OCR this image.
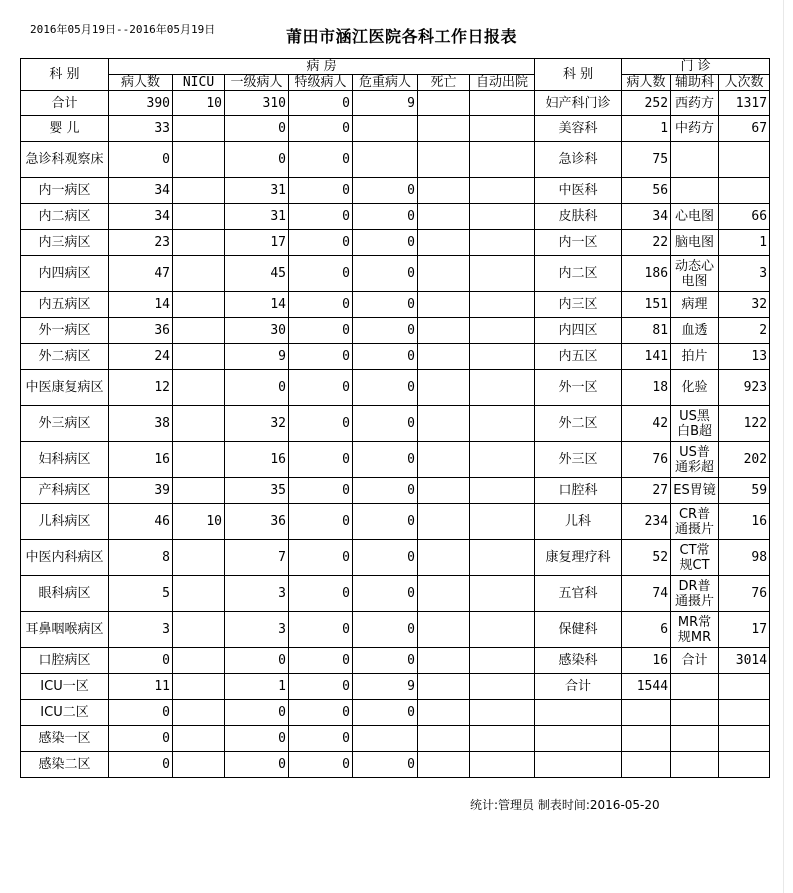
2016年05月19日--2016年05月19日	莆田市涵江医院各科工作日报表
科 别	病 房							科 别	门 诊		
	病人数	NICU	一级病人	特级病人	危重病人	死亡	自动出院		病人数	辅助科	人次数
合计	390	10	310	0	9			妇产科门诊	252	西药方	1317
婴 儿	33		0	0				美容科	1	中药方	67
急诊科观察床	0		0	0				急诊科	75		
内一病区	34		31	0	0			中医科	56		
内二病区	34		31	0	0			皮肤科	34	心电图	66
内三病区	23		17	0	0			内一区	22	脑电图	1
内四病区	47		45	0	0			内二区	186	动态心电图	3
内五病区	14		14	0	0			内三区	151	病理	32
外一病区	36		30	0	0			内四区	81	血透	2
外二病区	24		9	0	0			内五区	141	拍片	13
中医康复病区	12		0	0	0			外一区	18	化验	923
外三病区	38		32	0	0			外二区	42	US黑白B超	122
妇科病区	16		16	0	0			外三区	76	US普通彩超	202
产科病区	39		35	0	0			口腔科	27	ES胃镜	59
儿科病区	46	10	36	0	0			儿科	234	CR普通摄片	16
中医内科病区	8		7	0	0			康复理疗科	52	CT常规CT	98
眼科病区	5		3	0	0			五官科	74	DR普通摄片	76
耳鼻咽喉病区	3		3	0	0			保健科	6	MR常规MR	17
口腔病区	0		0	0	0			感染科	16	合计	3014
ICU一区	11		1	0	9			合计	1544		
ICU二区	0		0	0	0						
感染一区	0		0	0							
感染二区	0		0	0	0						
统计:管理员 制表时间:2016-05-20
